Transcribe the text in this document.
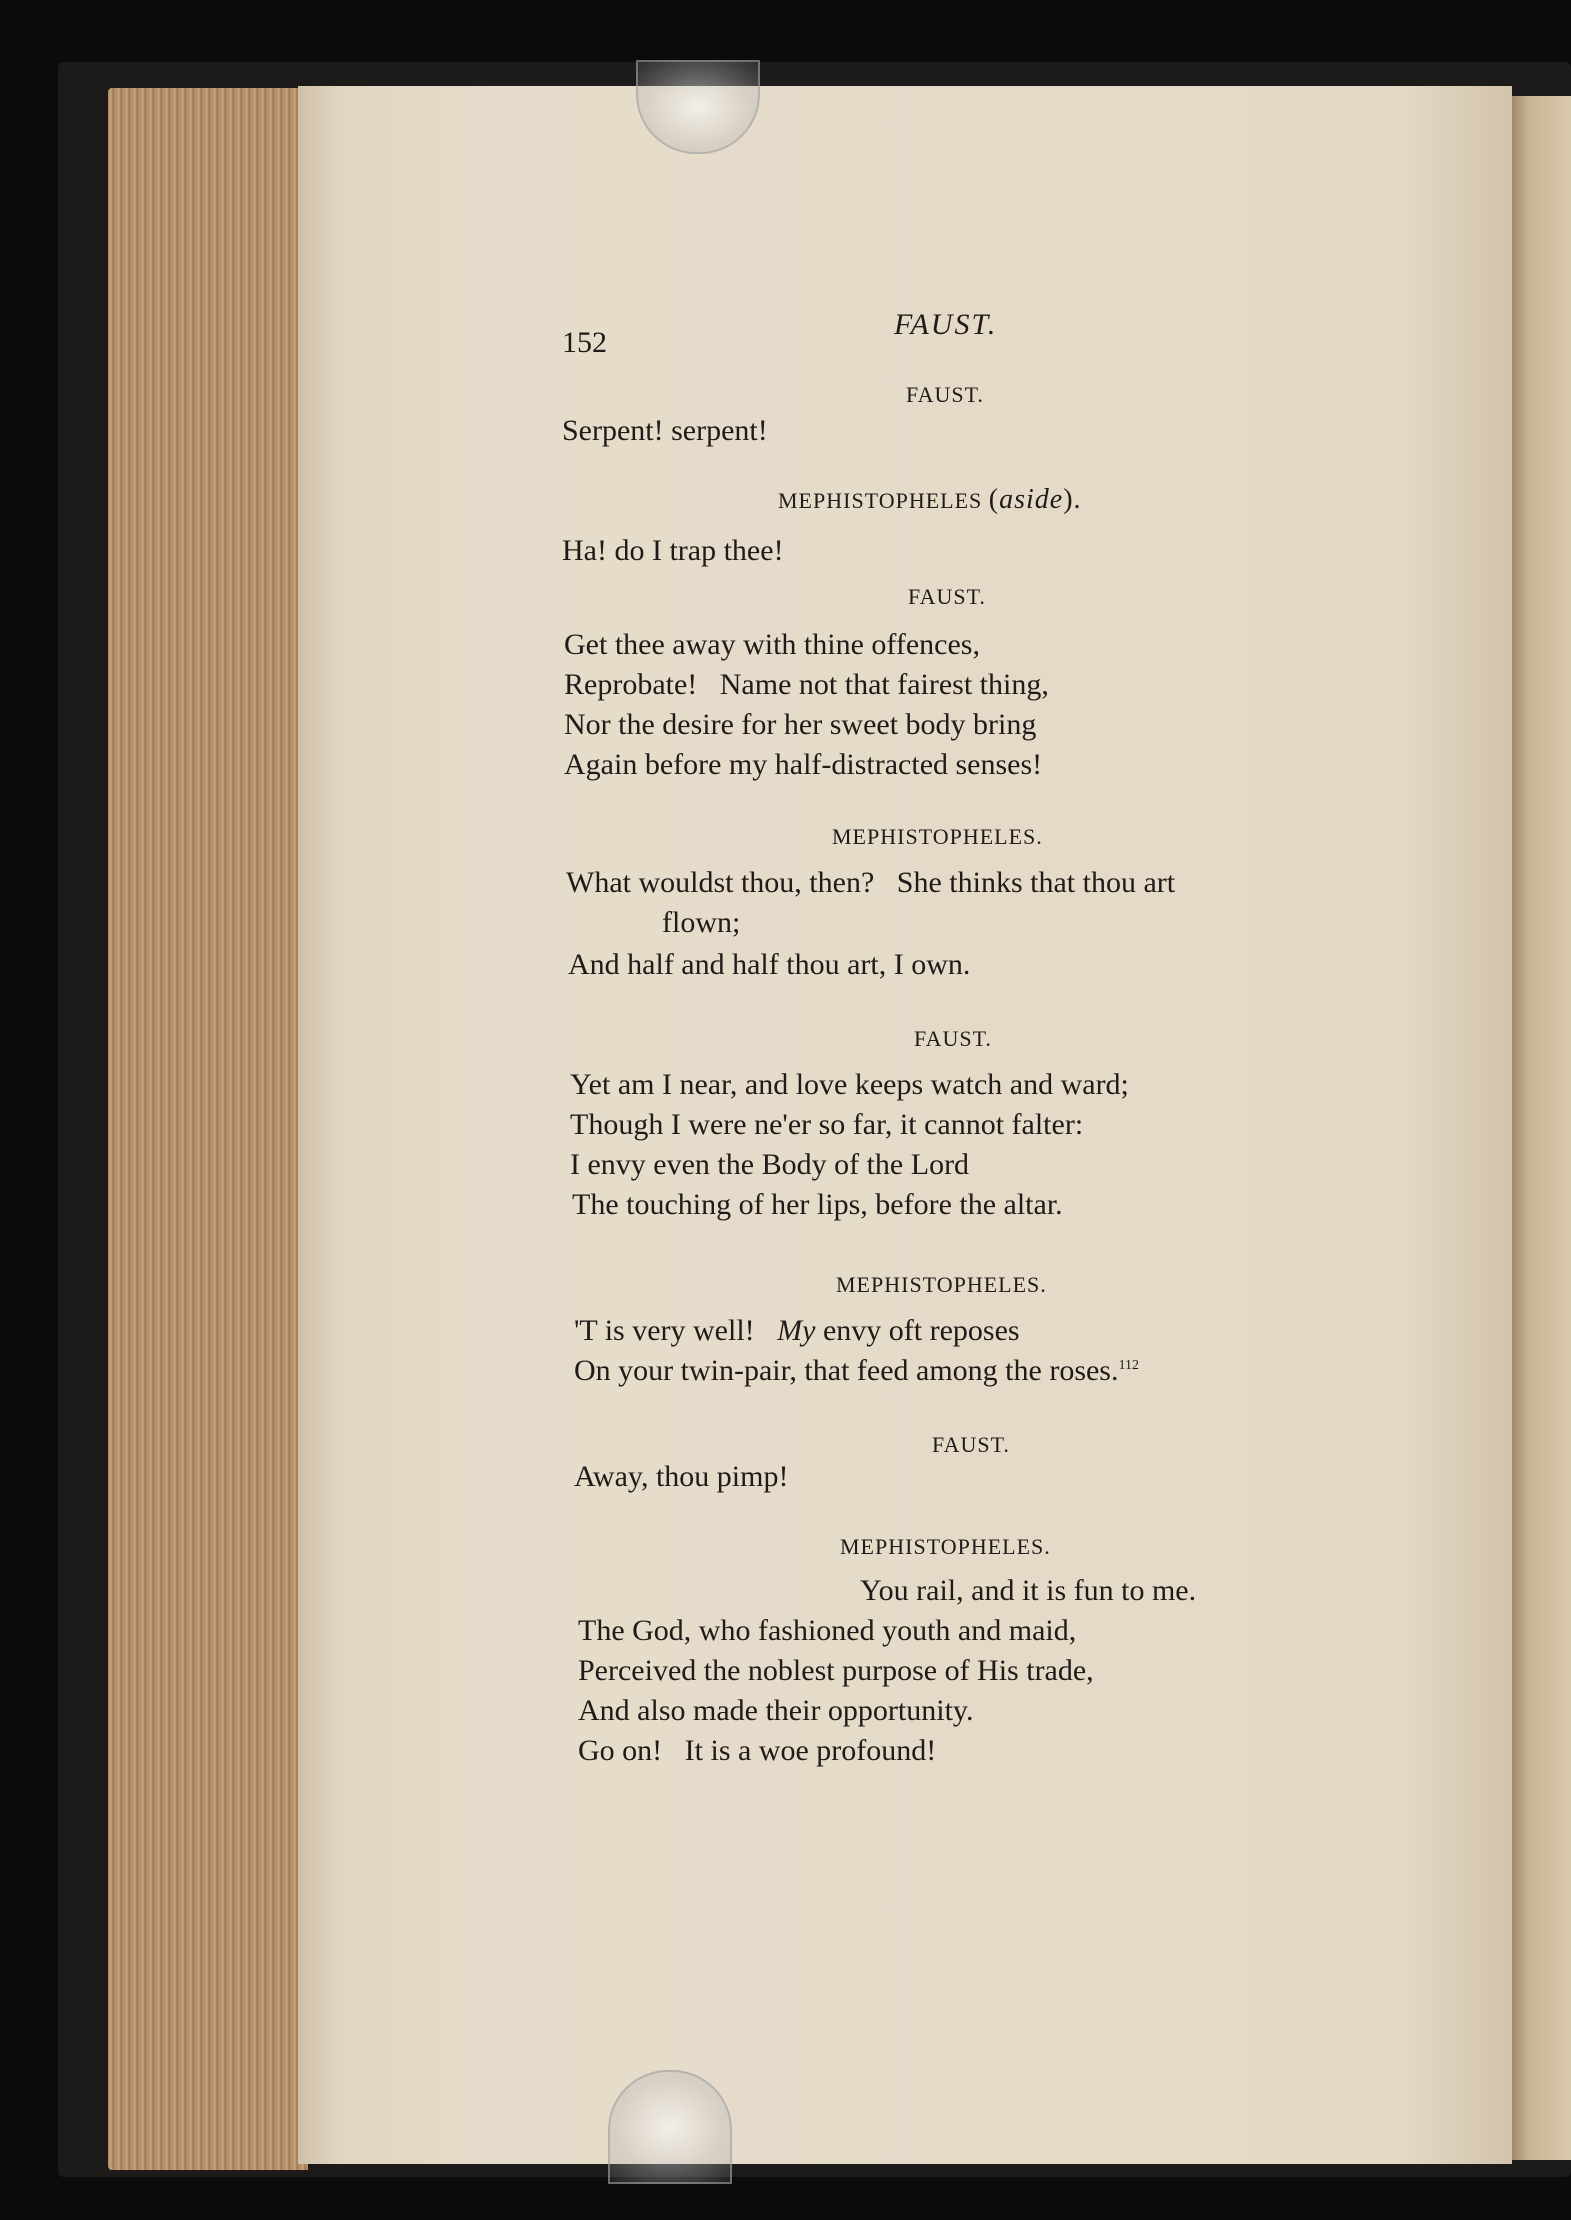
152
FAUST.
FAUST.
Serpent! serpent!
MEPHISTOPHELES (aside).
Ha! do I trap thee!
FAUST.
Get thee away with thine offences,
Reprobate!   Name not that fairest thing,
Nor the desire for her sweet body bring
Again before my half-distracted senses!
MEPHISTOPHELES.
What wouldst thou, then?   She thinks that thou art
flown;
And half and half thou art, I own.
FAUST.
Yet am I near, and love keeps watch and ward;
Though I were ne'er so far, it cannot falter:
I envy even the Body of the Lord
The touching of her lips, before the altar.
MEPHISTOPHELES.
'T is very well! My envy oft reposes
On your twin-pair, that feed among the roses.$^{112}$
FAUST.
Away, thou pimp!
MEPHISTOPHELES.
You rail, and it is fun to me.
The God, who fashioned youth and maid,
Perceived the noblest purpose of His trade,
And also made their opportunity.
Go on!   It is a woe profound!
